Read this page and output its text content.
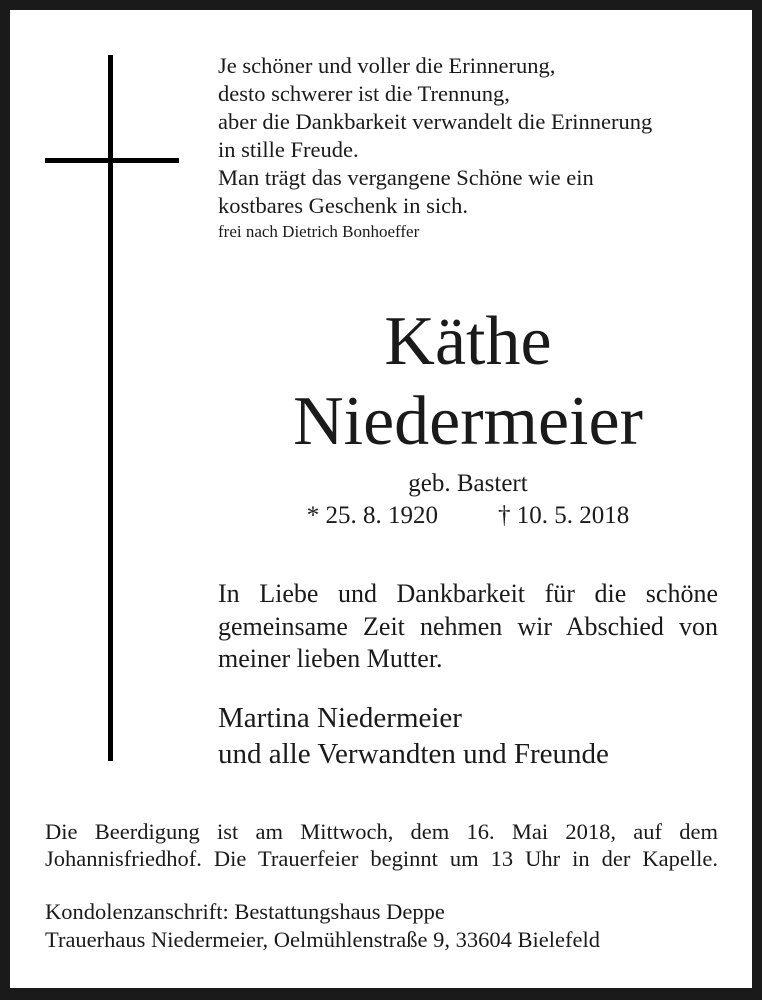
Je schöner und voller die Erinnerung,
desto schwerer ist die Trennung,
aber die Dankbarkeit verwandelt die Erinnerung
in stille Freude.
Man trägt das vergangene Schöne wie ein
kostbares Geschenk in sich.
frei nach Dietrich Bonhoeffer
Käthe
Niedermeier
geb. Bastert
* 25. 8. 1920 † 10. 5. 2018
In Liebe und Dankbarkeit für die schöne gemeinsame Zeit nehmen wir Abschied von meiner lieben Mutter.
Martina Niedermeier
und alle Verwandten und Freunde
Die Beerdigung ist am Mittwoch, dem 16. Mai 2018, auf dem
Johannisfriedhof. Die Trauerfeier beginnt um 13 Uhr in der Kapelle.
Kondolenzanschrift: Bestattungshaus Deppe
Trauerhaus Niedermeier, Oelmühlenstraße 9, 33604 Bielefeld
